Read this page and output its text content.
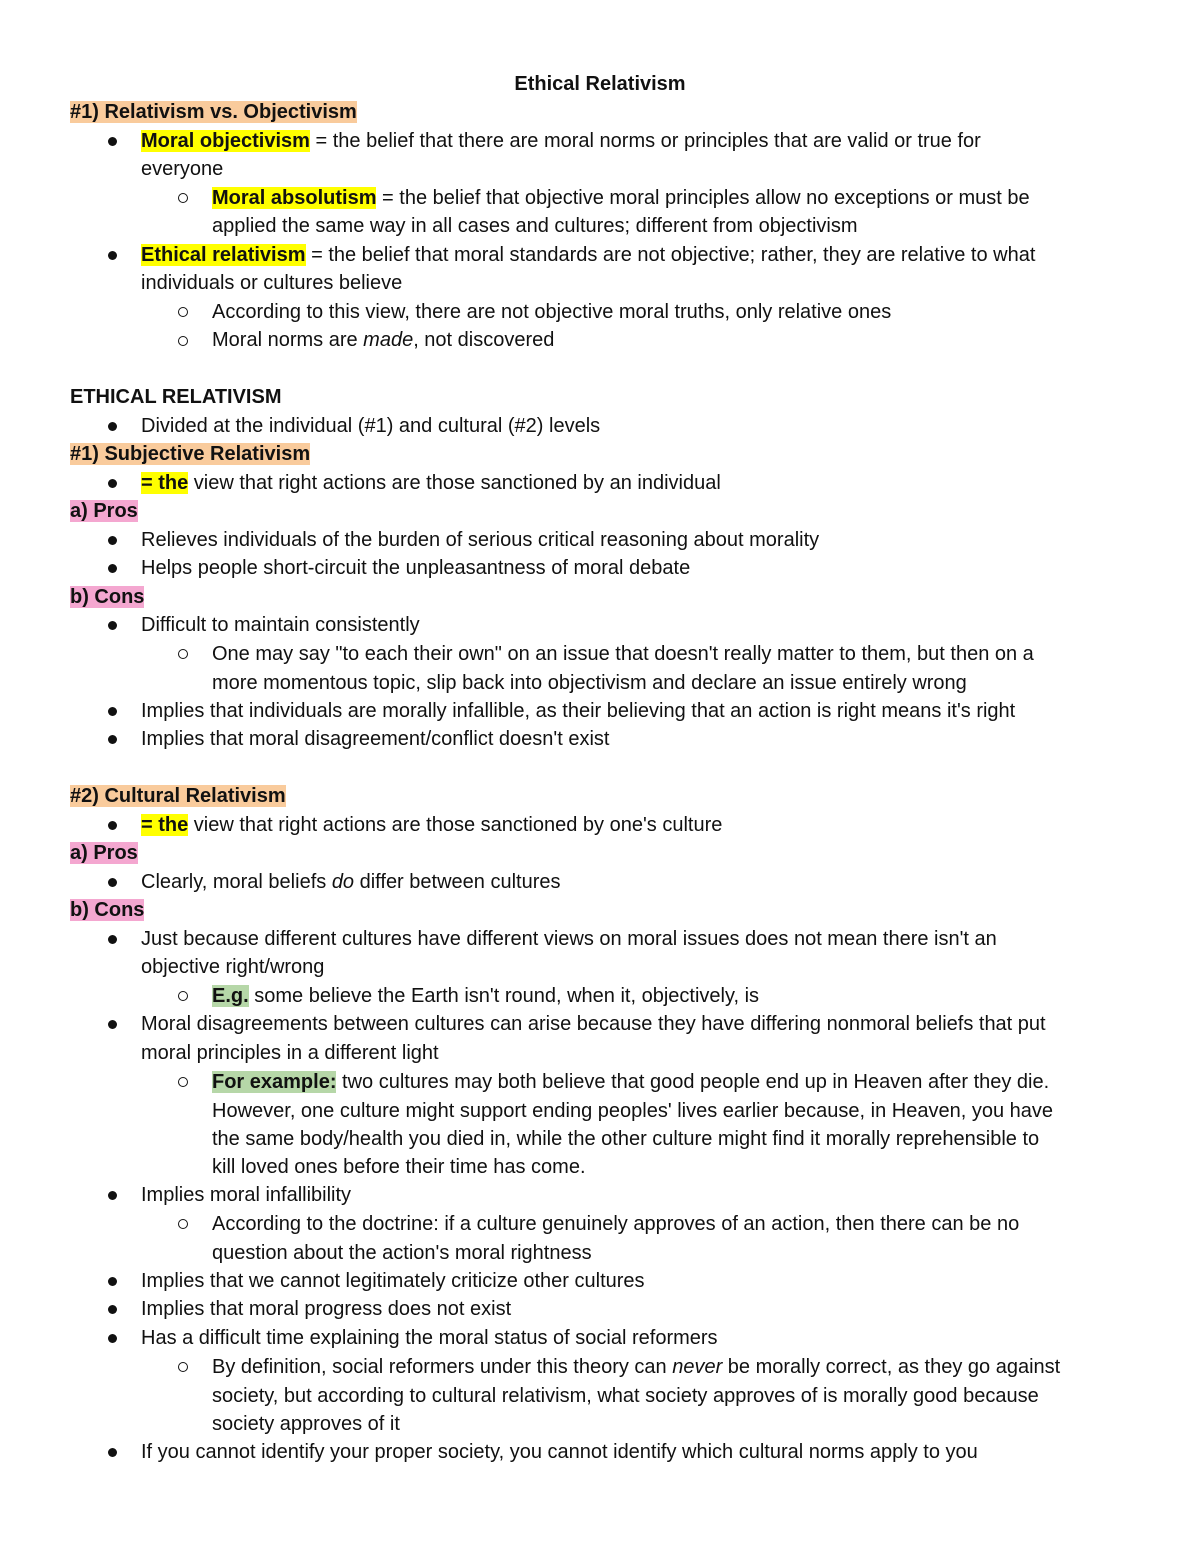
Ethical Relativism
#1) Relativism vs. Objectivism
Moral objectivism = the belief that there are moral norms or principles that are valid or true for
everyone
Moral absolutism = the belief that objective moral principles allow no exceptions or must be
applied the same way in all cases and cultures; different from objectivism
Ethical relativism = the belief that moral standards are not objective; rather, they are relative to what
individuals or cultures believe
According to this view, there are not objective moral truths, only relative ones
Moral norms are made, not discovered
ETHICAL RELATIVISM
Divided at the individual (#1) and cultural (#2) levels
#1) Subjective Relativism
= the view that right actions are those sanctioned by an individual
a) Pros
Relieves individuals of the burden of serious critical reasoning about morality
Helps people short-circuit the unpleasantness of moral debate
b) Cons
Difficult to maintain consistently
One may say "to each their own" on an issue that doesn't really matter to them, but then on a
more momentous topic, slip back into objectivism and declare an issue entirely wrong
Implies that individuals are morally infallible, as their believing that an action is right means it's right
Implies that moral disagreement/conflict doesn't exist
#2) Cultural Relativism
= the view that right actions are those sanctioned by one's culture
a) Pros
Clearly, moral beliefs do differ between cultures
b) Cons
Just because different cultures have different views on moral issues does not mean there isn't an
objective right/wrong
E.g. some believe the Earth isn't round, when it, objectively, is
Moral disagreements between cultures can arise because they have differing nonmoral beliefs that put
moral principles in a different light
For example: two cultures may both believe that good people end up in Heaven after they die.
However, one culture might support ending peoples' lives earlier because, in Heaven, you have
the same body/health you died in, while the other culture might find it morally reprehensible to
kill loved ones before their time has come.
Implies moral infallibility
According to the doctrine: if a culture genuinely approves of an action, then there can be no
question about the action's moral rightness
Implies that we cannot legitimately criticize other cultures
Implies that moral progress does not exist
Has a difficult time explaining the moral status of social reformers
By definition, social reformers under this theory can never be morally correct, as they go against
society, but according to cultural relativism, what society approves of is morally good because
society approves of it
If you cannot identify your proper society, you cannot identify which cultural norms apply to you
